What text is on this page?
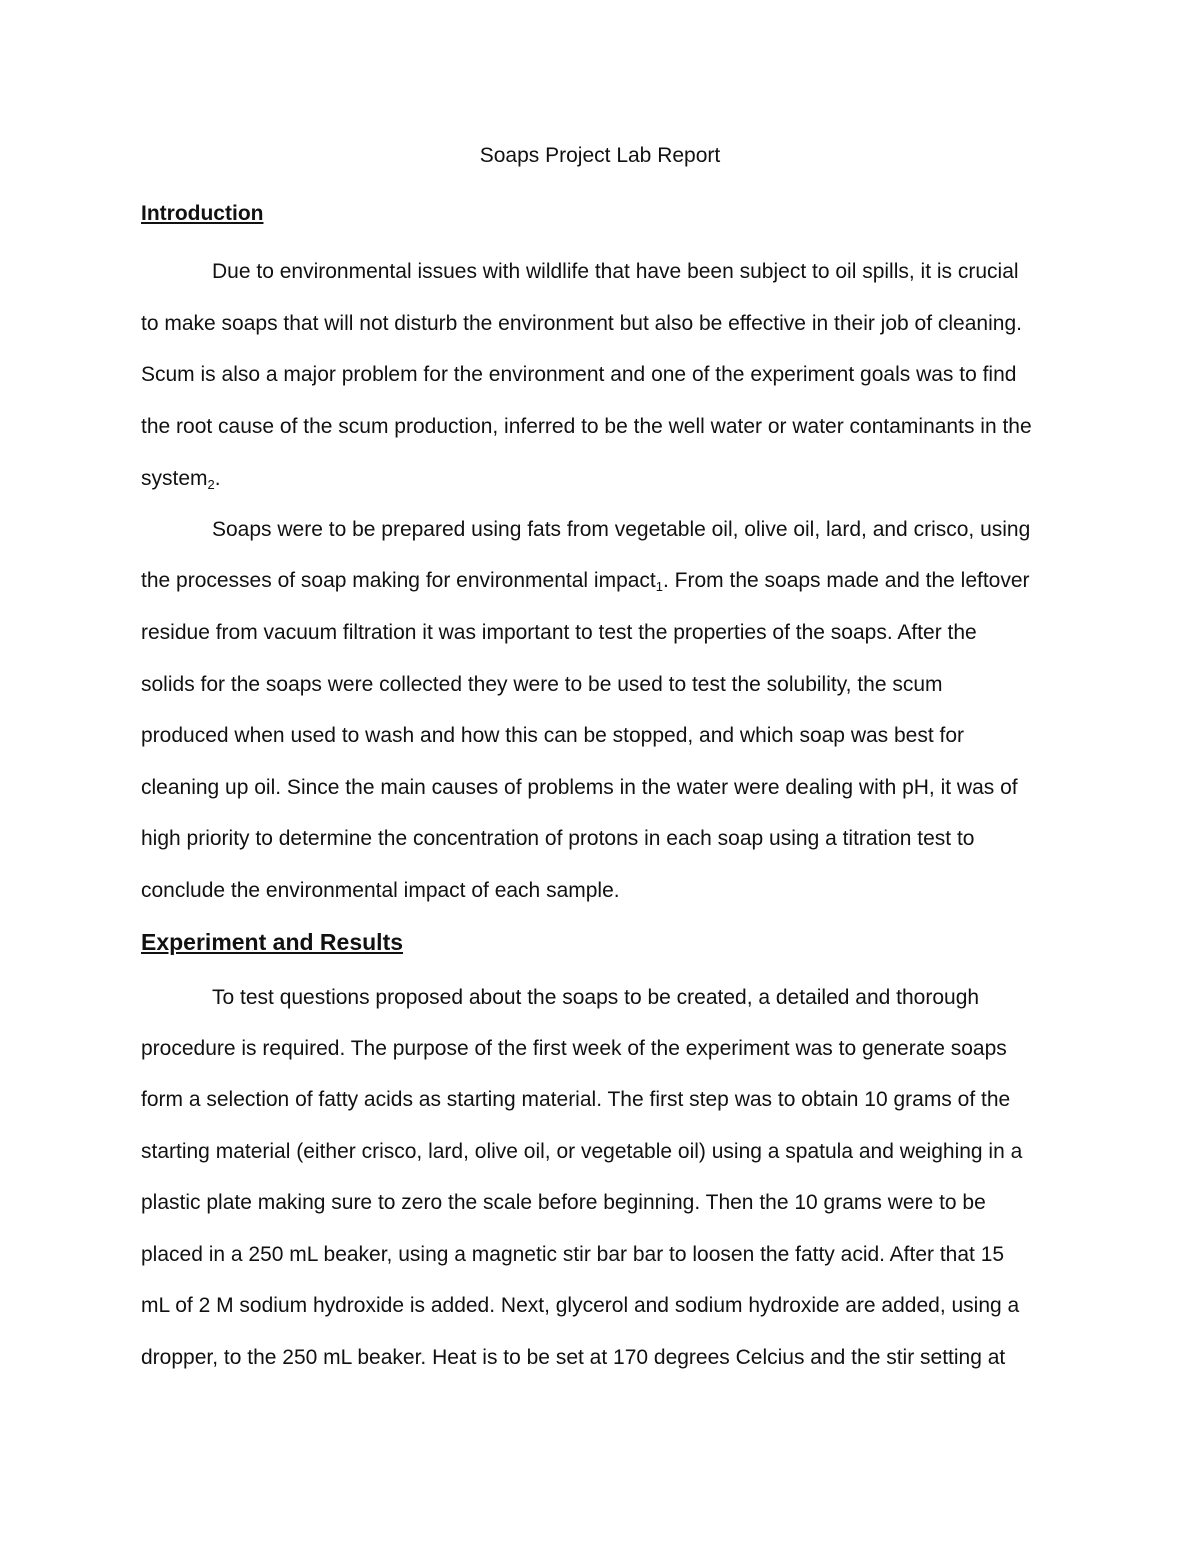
Soaps Project Lab Report
Introduction
Due to environmental issues with wildlife that have been subject to oil spills, it is crucial
to make soaps that will not disturb the environment but also be effective in their job of cleaning.
Scum is also a major problem for the environment and one of the experiment goals was to find
the root cause of the scum production, inferred to be the well water or water contaminants in the
system$_2$.
Soaps were to be prepared using fats from vegetable oil, olive oil, lard, and crisco, using
the processes of soap making for environmental impact$_1$. From the soaps made and the leftover
residue from vacuum filtration it was important to test the properties of the soaps. After the
solids for the soaps were collected they were to be used to test the solubility, the scum
produced when used to wash and how this can be stopped, and which soap was best for
cleaning up oil. Since the main causes of problems in the water were dealing with pH, it was of
high priority to determine the concentration of protons in each soap using a titration test to
conclude the environmental impact of each sample.
Experiment and Results
To test questions proposed about the soaps to be created, a detailed and thorough
procedure is required. The purpose of the first week of the experiment was to generate soaps
form a selection of fatty acids as starting material. The first step was to obtain 10 grams of the
starting material (either crisco, lard, olive oil, or vegetable oil) using a spatula and weighing in a
plastic plate making sure to zero the scale before beginning. Then the 10 grams were to be
placed in a 250 mL beaker, using a magnetic stir bar bar to loosen the fatty acid. After that 15
mL of 2 M sodium hydroxide is added. Next, glycerol and sodium hydroxide are added, using a
dropper, to the 250 mL beaker. Heat is to be set at 170 degrees Celcius and the stir setting at
